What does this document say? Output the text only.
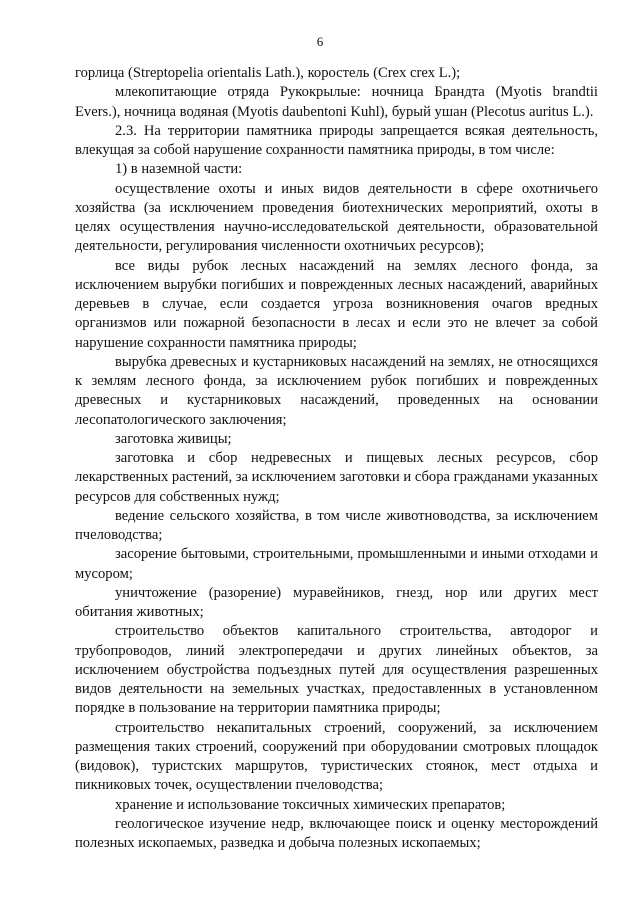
6

горлица (Streptopelia orientalis Lath.), коростель (Crex crex L.);

млекопитающие отряда Рукокрылые: ночница Брандта (Myotis brandtii Evers.), ночница водяная (Myotis daubentoni Kuhl), бурый ушан (Plecotus auritus L.).

2.3. На территории памятника природы запрещается всякая деятельность, влекущая за собой нарушение сохранности памятника природы, в том числе:

1) в наземной части:

осуществление охоты и иных видов деятельности в сфере охотничьего хозяйства (за исключением проведения биотехнических мероприятий, охоты в целях осуществления научно-исследовательской деятельности, образовательной деятельности, регулирования численности охотничьих ресурсов);

все виды рубок лесных насаждений на землях лесного фонда, за исключением вырубки погибших и поврежденных лесных насаждений, аварийных деревьев в случае, если создается угроза возникновения очагов вредных организмов или пожарной безопасности в лесах и если это не влечет за собой нарушение сохранности памятника природы;

вырубка древесных и кустарниковых насаждений на землях, не относящихся к землям лесного фонда, за исключением рубок погибших и поврежденных древесных и кустарниковых насаждений, проведенных на основании лесопатологического заключения;

заготовка живицы;

заготовка и сбор недревесных и пищевых лесных ресурсов, сбор лекарственных растений, за исключением заготовки и сбора гражданами указанных ресурсов для собственных нужд;

ведение сельского хозяйства, в том числе животноводства, за исключением пчеловодства;

засорение бытовыми, строительными, промышленными и иными отходами и мусором;

уничтожение (разорение) муравейников, гнезд, нор или других мест обитания животных;

строительство объектов капитального строительства, автодорог и трубопроводов, линий электропередачи и других линейных объектов, за исключением обустройства подъездных путей для осуществления разрешенных видов деятельности на земельных участках, предоставленных в установленном порядке в пользование на территории памятника природы;

строительство некапитальных строений, сооружений, за исключением размещения таких строений, сооружений при оборудовании смотровых площадок (видовок), туристских маршрутов, туристических стоянок, мест отдыха и пикниковых точек, осуществлении пчеловодства;

хранение и использование токсичных химических препаратов;

геологическое изучение недр, включающее поиск и оценку месторождений полезных ископаемых, разведка и добыча полезных ископаемых;
